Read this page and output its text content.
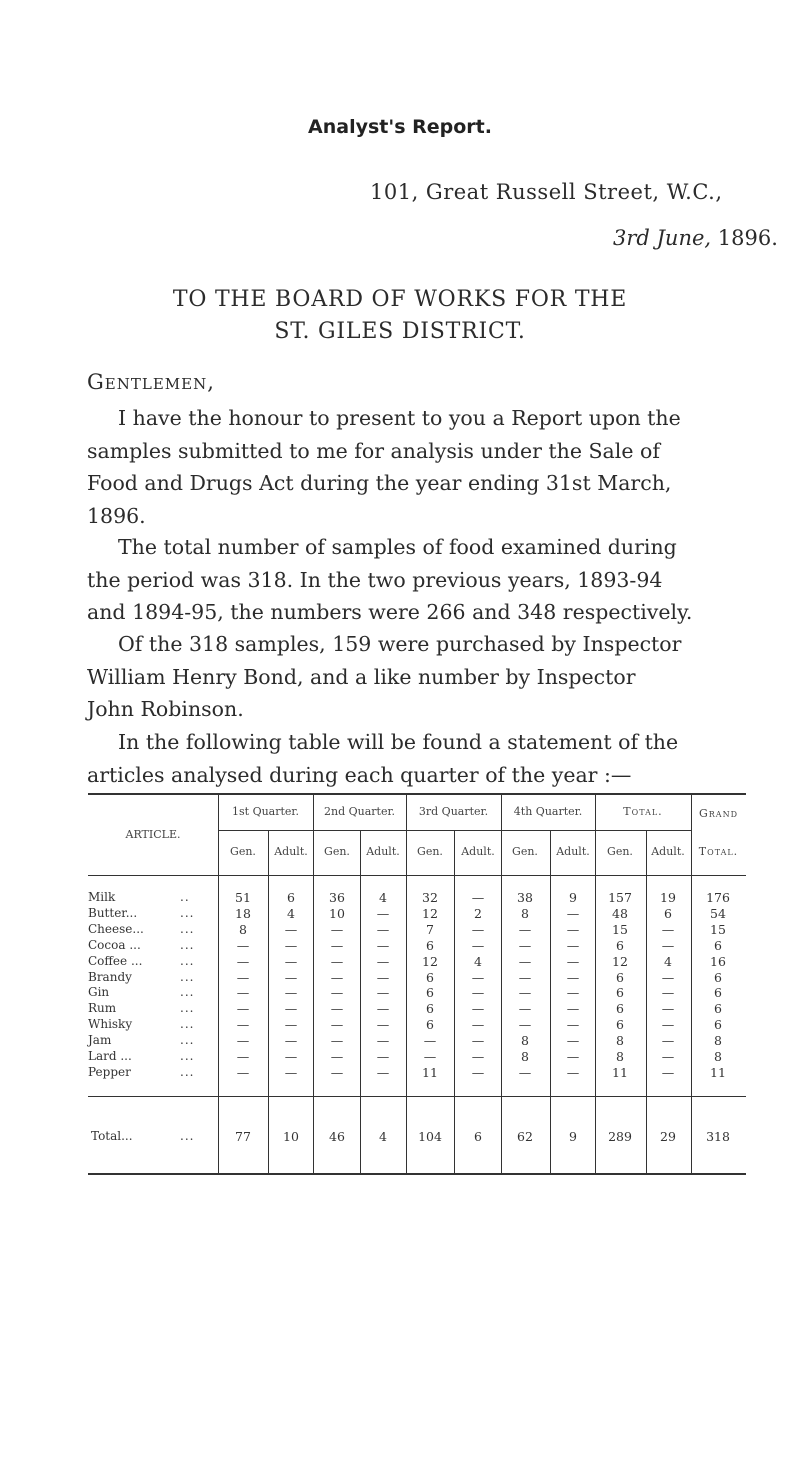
Analyst's Report.
101, Great Russell Street, W.C.,
3rd June, 1896.
TO THE BOARD OF WORKS FOR THE
ST. GILES DISTRICT.
Gentlemen,
I have the honour to present to you a Report upon the
samples submitted to me for analysis under the Sale of
Food and Drugs Act during the year ending 31st March,
1896.
The total number of samples of food examined during
the period was 318. In the two previous years, 1893-94
and 1894-95, the numbers were 266 and 348 respectively.
Of the 318 samples, 159 were purchased by Inspector
William Henry Bond, and a like number by Inspector
John Robinson.
In the following table will be found a statement of the
articles analysed during each quarter of the year :—
ARTICLE.
1st Quarter.	2nd Quarter.	3rd Quarter.	4th Quarter.	Total.	Grand
Total.
Gen.	Adult.	Gen.	Adult.	Gen.	Adult.	Gen.	Adult.	Gen.	Adult.
Milk	..	51	6	36	4	32	—	38	9	157	19	176
Butter...	...	18	4	10	—	12	2	8	—	48	6	54
Cheese...	...	8	—	—	—	7	—	—	—	15	—	15
Cocoa ...	...	—	—	—	—	6	—	—	—	6	—	6
Coffee ...	...	—	—	—	—	12	4	—	—	12	4	16
Brandy	...	—	—	—	—	6	—	—	—	6	—	6
Gin	...	—	—	—	—	6	—	—	—	6	—	6
Rum	...	—	—	—	—	6	—	—	—	6	—	6
Whisky	...	—	—	—	—	6	—	—	—	6	—	6
Jam	...	—	—	—	—	—	—	8	—	8	—	8
Lard ...	...	—	—	—	—	—	—	8	—	8	—	8
Pepper	...	—	—	—	—	11	—	—	—	11	—	11
Total...	...	77	10	46	4	104	6	62	9	289	29	318
